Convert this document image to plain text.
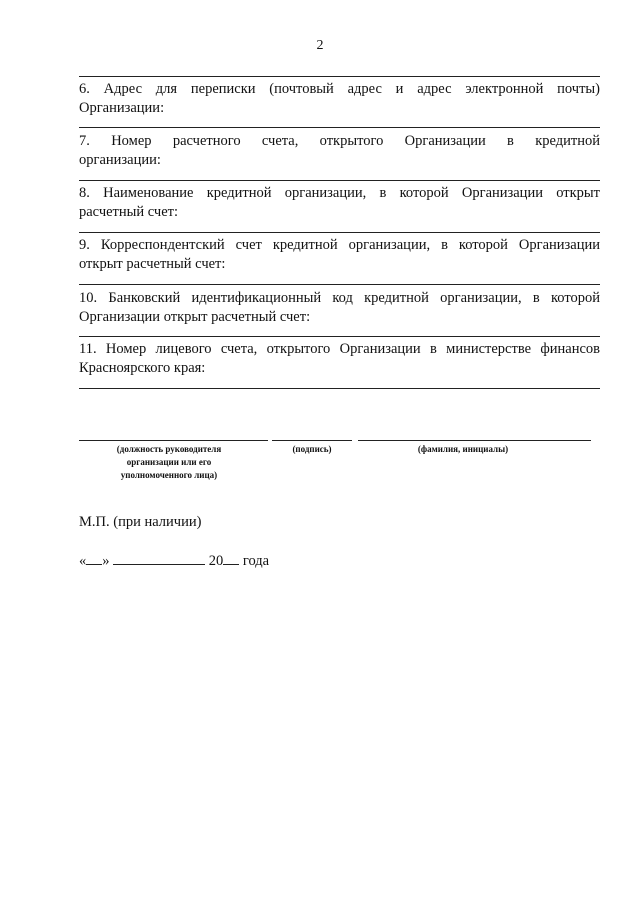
2
6. Адрес для переписки (почтовый адрес и адрес электронной почты)
Организации:
7. Номер расчетного счета, открытого Организации в кредитной
организации:
8. Наименование кредитной организации, в которой Организации открыт
расчетный счет:
9. Корреспондентский счет кредитной организации, в которой Организации
открыт расчетный счет:
10. Банковский идентификационный код кредитной организации, в которой
Организации открыт расчетный счет:
11. Номер лицевого счета, открытого Организации в министерстве финансов
Красноярского края:
(должность руководителя организации или его уполномоченного лица)
(подпись)	(фамилия, инициалы)
М.П. (при наличии)
« »	20 года
